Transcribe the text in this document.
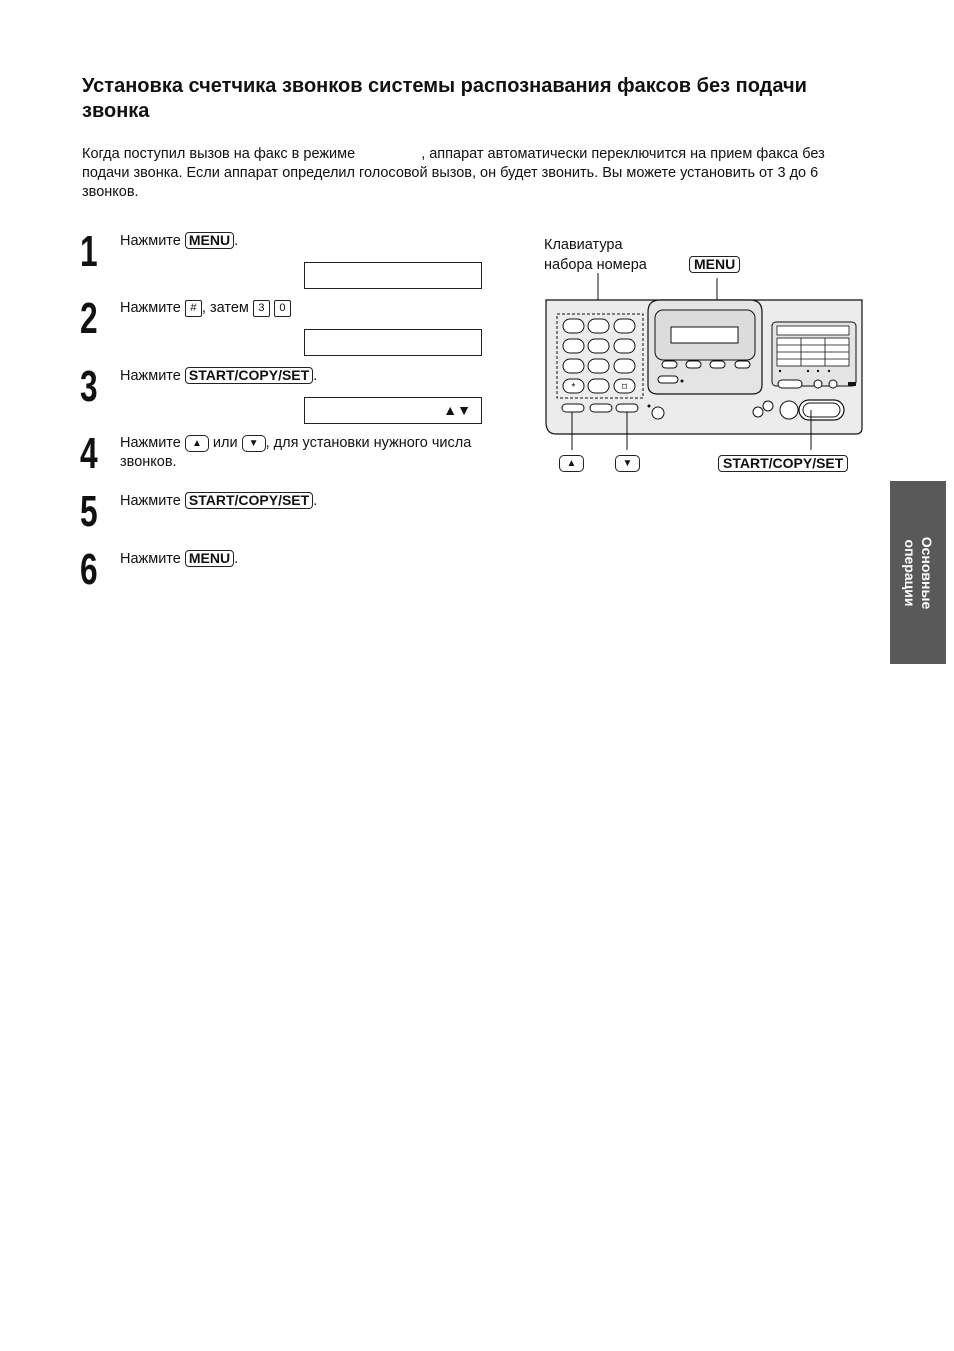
Установка счетчика звонков системы распознавания факсов без подачи звонка

Когда поступил вызов на факс в режиме	, аппарат автоматически переключится на прием факса без подачи звонка. Если аппарат определил голосовой вызов, он будет звонить. Вы можете установить от 3 до 6 звонков.

1 Нажмите MENU .
2 Нажмите # , затем 3 0
3 Нажмите START/COPY/SET .
▲▼
4 Нажмите ▲ или ▼ , для установки нужного числа звонков.
5 Нажмите START/COPY/SET .
6 Нажмите MENU .
Клавиатура
набора номера	MENU
*	⌑
▲	▼	START/COPY/SET
Основные
операции
